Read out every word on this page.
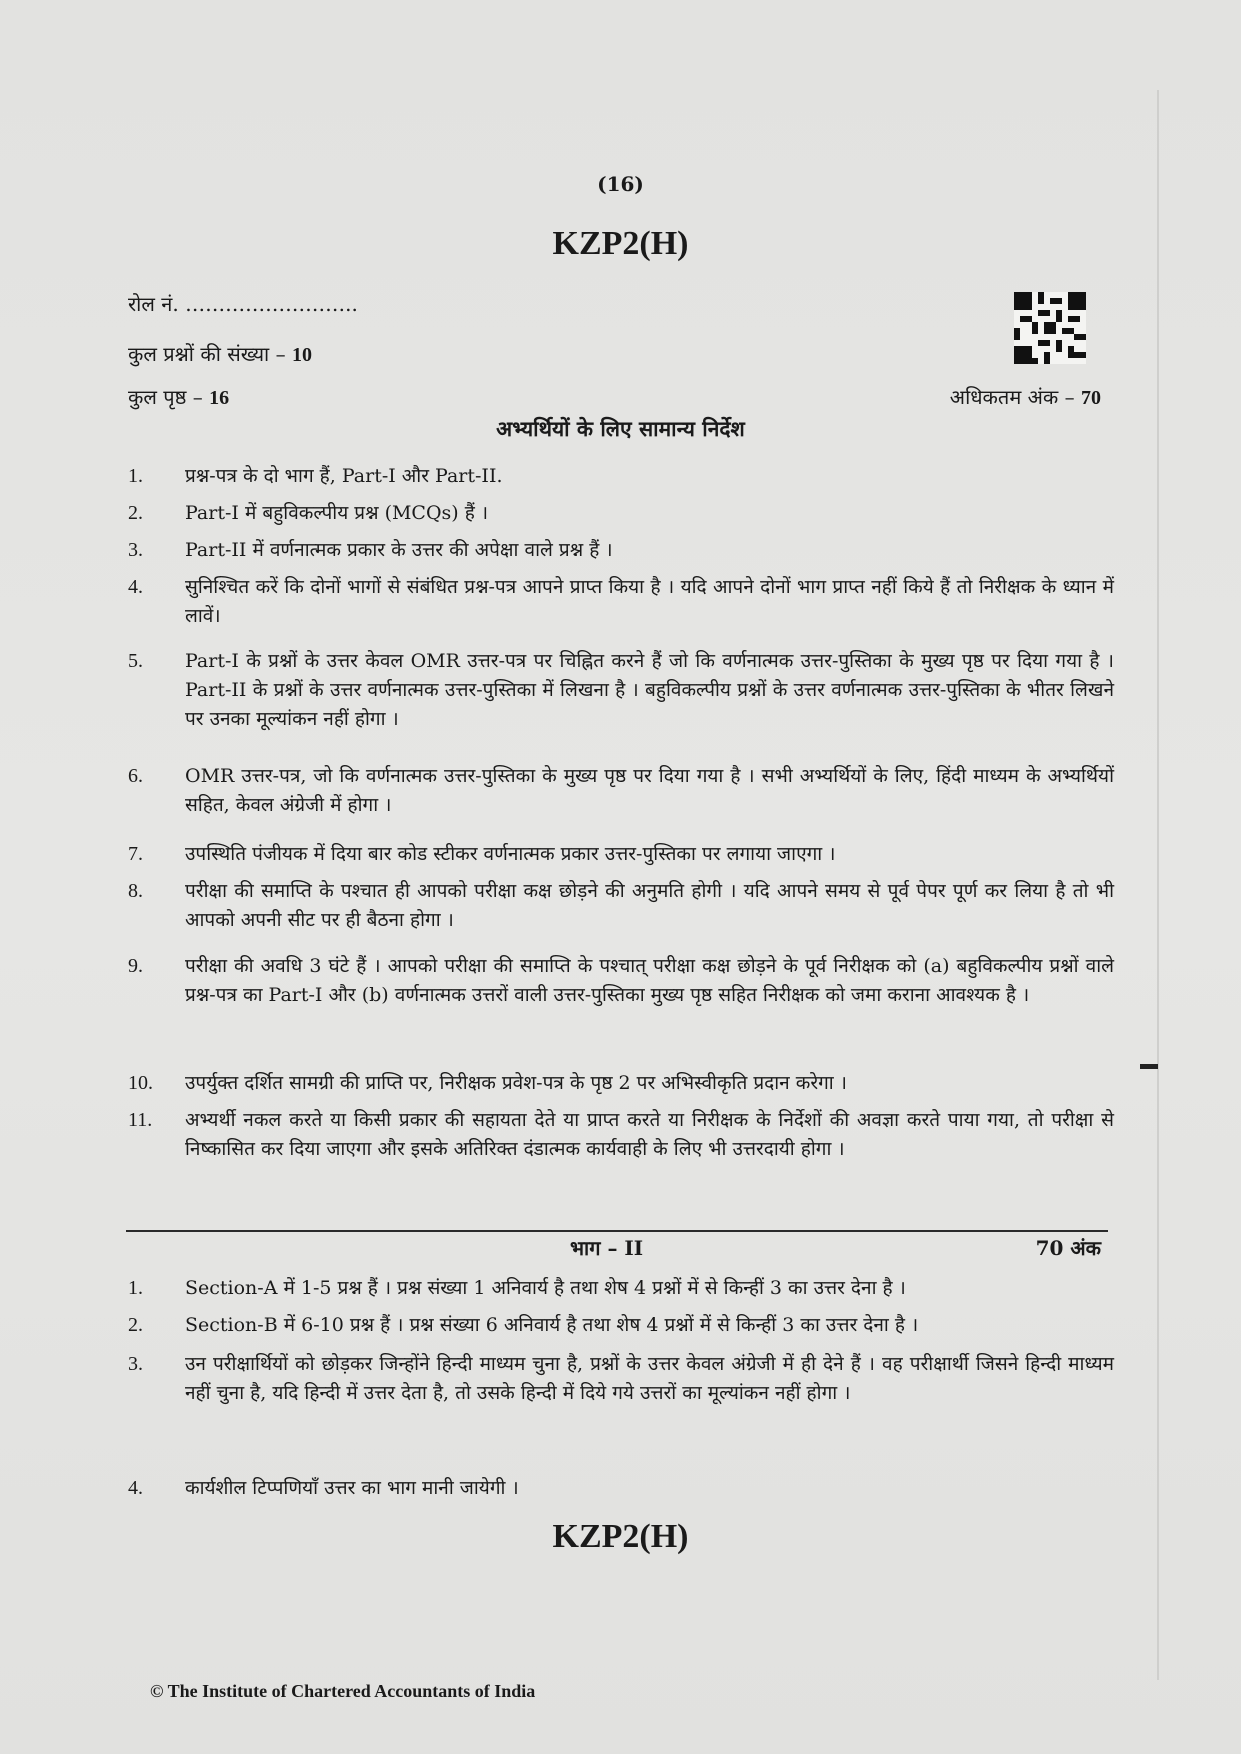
(16)
KZP2(H)
रोल नं. ……………………..
कुल प्रश्नों की संख्या – 10
कुल पृष्ठ – 16	अधिकतम अंक – 70
अभ्यर्थियों के लिए सामान्य निर्देश
1.	प्रश्न-पत्र के दो भाग हैं, Part-I और Part-II.
2.	Part-I में बहुविकल्पीय प्रश्न (MCQs) हैं ।
3.	Part-II में वर्णनात्मक प्रकार के उत्तर की अपेक्षा वाले प्रश्न हैं ।
4.	सुनिश्चित करें कि दोनों भागों से संबंधित प्रश्न-पत्र आपने प्राप्त किया है । यदि आपने दोनों भाग प्राप्त नहीं किये हैं तो निरीक्षक के ध्यान में लावें।
5.	Part-I के प्रश्नों के उत्तर केवल OMR उत्तर-पत्र पर चिह्नित करने हैं जो कि वर्णनात्मक उत्तर-पुस्तिका के मुख्य पृष्ठ पर दिया गया है । Part-II के प्रश्नों के उत्तर वर्णनात्मक उत्तर-पुस्तिका में लिखना है । बहुविकल्पीय प्रश्नों के उत्तर वर्णनात्मक उत्तर-पुस्तिका के भीतर लिखने पर उनका मूल्यांकन नहीं होगा ।
6.	OMR उत्तर-पत्र, जो कि वर्णनात्मक उत्तर-पुस्तिका के मुख्य पृष्ठ पर दिया गया है । सभी अभ्यर्थियों के लिए, हिंदी माध्यम के अभ्यर्थियों सहित, केवल अंग्रेजी में होगा ।
7.	उपस्थिति पंजीयक में दिया बार कोड स्टीकर वर्णनात्मक प्रकार उत्तर-पुस्तिका पर लगाया जाएगा ।
8.	परीक्षा की समाप्ति के पश्चात ही आपको परीक्षा कक्ष छोड़ने की अनुमति होगी । यदि आपने समय से पूर्व पेपर पूर्ण कर लिया है तो भी आपको अपनी सीट पर ही बैठना होगा ।
9.	परीक्षा की अवधि 3 घंटे हैं । आपको परीक्षा की समाप्ति के पश्चात् परीक्षा कक्ष छोड़ने के पूर्व निरीक्षक को (a) बहुविकल्पीय प्रश्नों वाले प्रश्न-पत्र का Part-I और (b) वर्णनात्मक उत्तरों वाली उत्तर-पुस्तिका मुख्य पृष्ठ सहित निरीक्षक को जमा कराना आवश्यक है ।
10.	उपर्युक्त दर्शित सामग्री की प्राप्ति पर, निरीक्षक प्रवेश-पत्र के पृष्ठ 2 पर अभिस्वीकृति प्रदान करेगा ।
11.	अभ्यर्थी नकल करते या किसी प्रकार की सहायता देते या प्राप्त करते या निरीक्षक के निर्देशों की अवज्ञा करते पाया गया, तो परीक्षा से निष्कासित कर दिया जाएगा और इसके अतिरिक्त दंडात्मक कार्यवाही के लिए भी उत्तरदायी होगा ।
भाग – II	70 अंक
1.	Section-A में 1-5 प्रश्न हैं । प्रश्न संख्या 1 अनिवार्य है तथा शेष 4 प्रश्नों में से किन्हीं 3 का उत्तर देना है ।
2.	Section-B में 6-10 प्रश्न हैं । प्रश्न संख्या 6 अनिवार्य है तथा शेष 4 प्रश्नों में से किन्हीं 3 का उत्तर देना है ।
3.	उन परीक्षार्थियों को छोड़कर जिन्होंने हिन्दी माध्यम चुना है, प्रश्नों के उत्तर केवल अंग्रेजी में ही देने हैं । वह परीक्षार्थी जिसने हिन्दी माध्यम नहीं चुना है, यदि हिन्दी में उत्तर देता है, तो उसके हिन्दी में दिये गये उत्तरों का मूल्यांकन नहीं होगा ।
4.	कार्यशील टिप्पणियाँ उत्तर का भाग मानी जायेगी ।
KZP2(H)
© The Institute of Chartered Accountants of India
